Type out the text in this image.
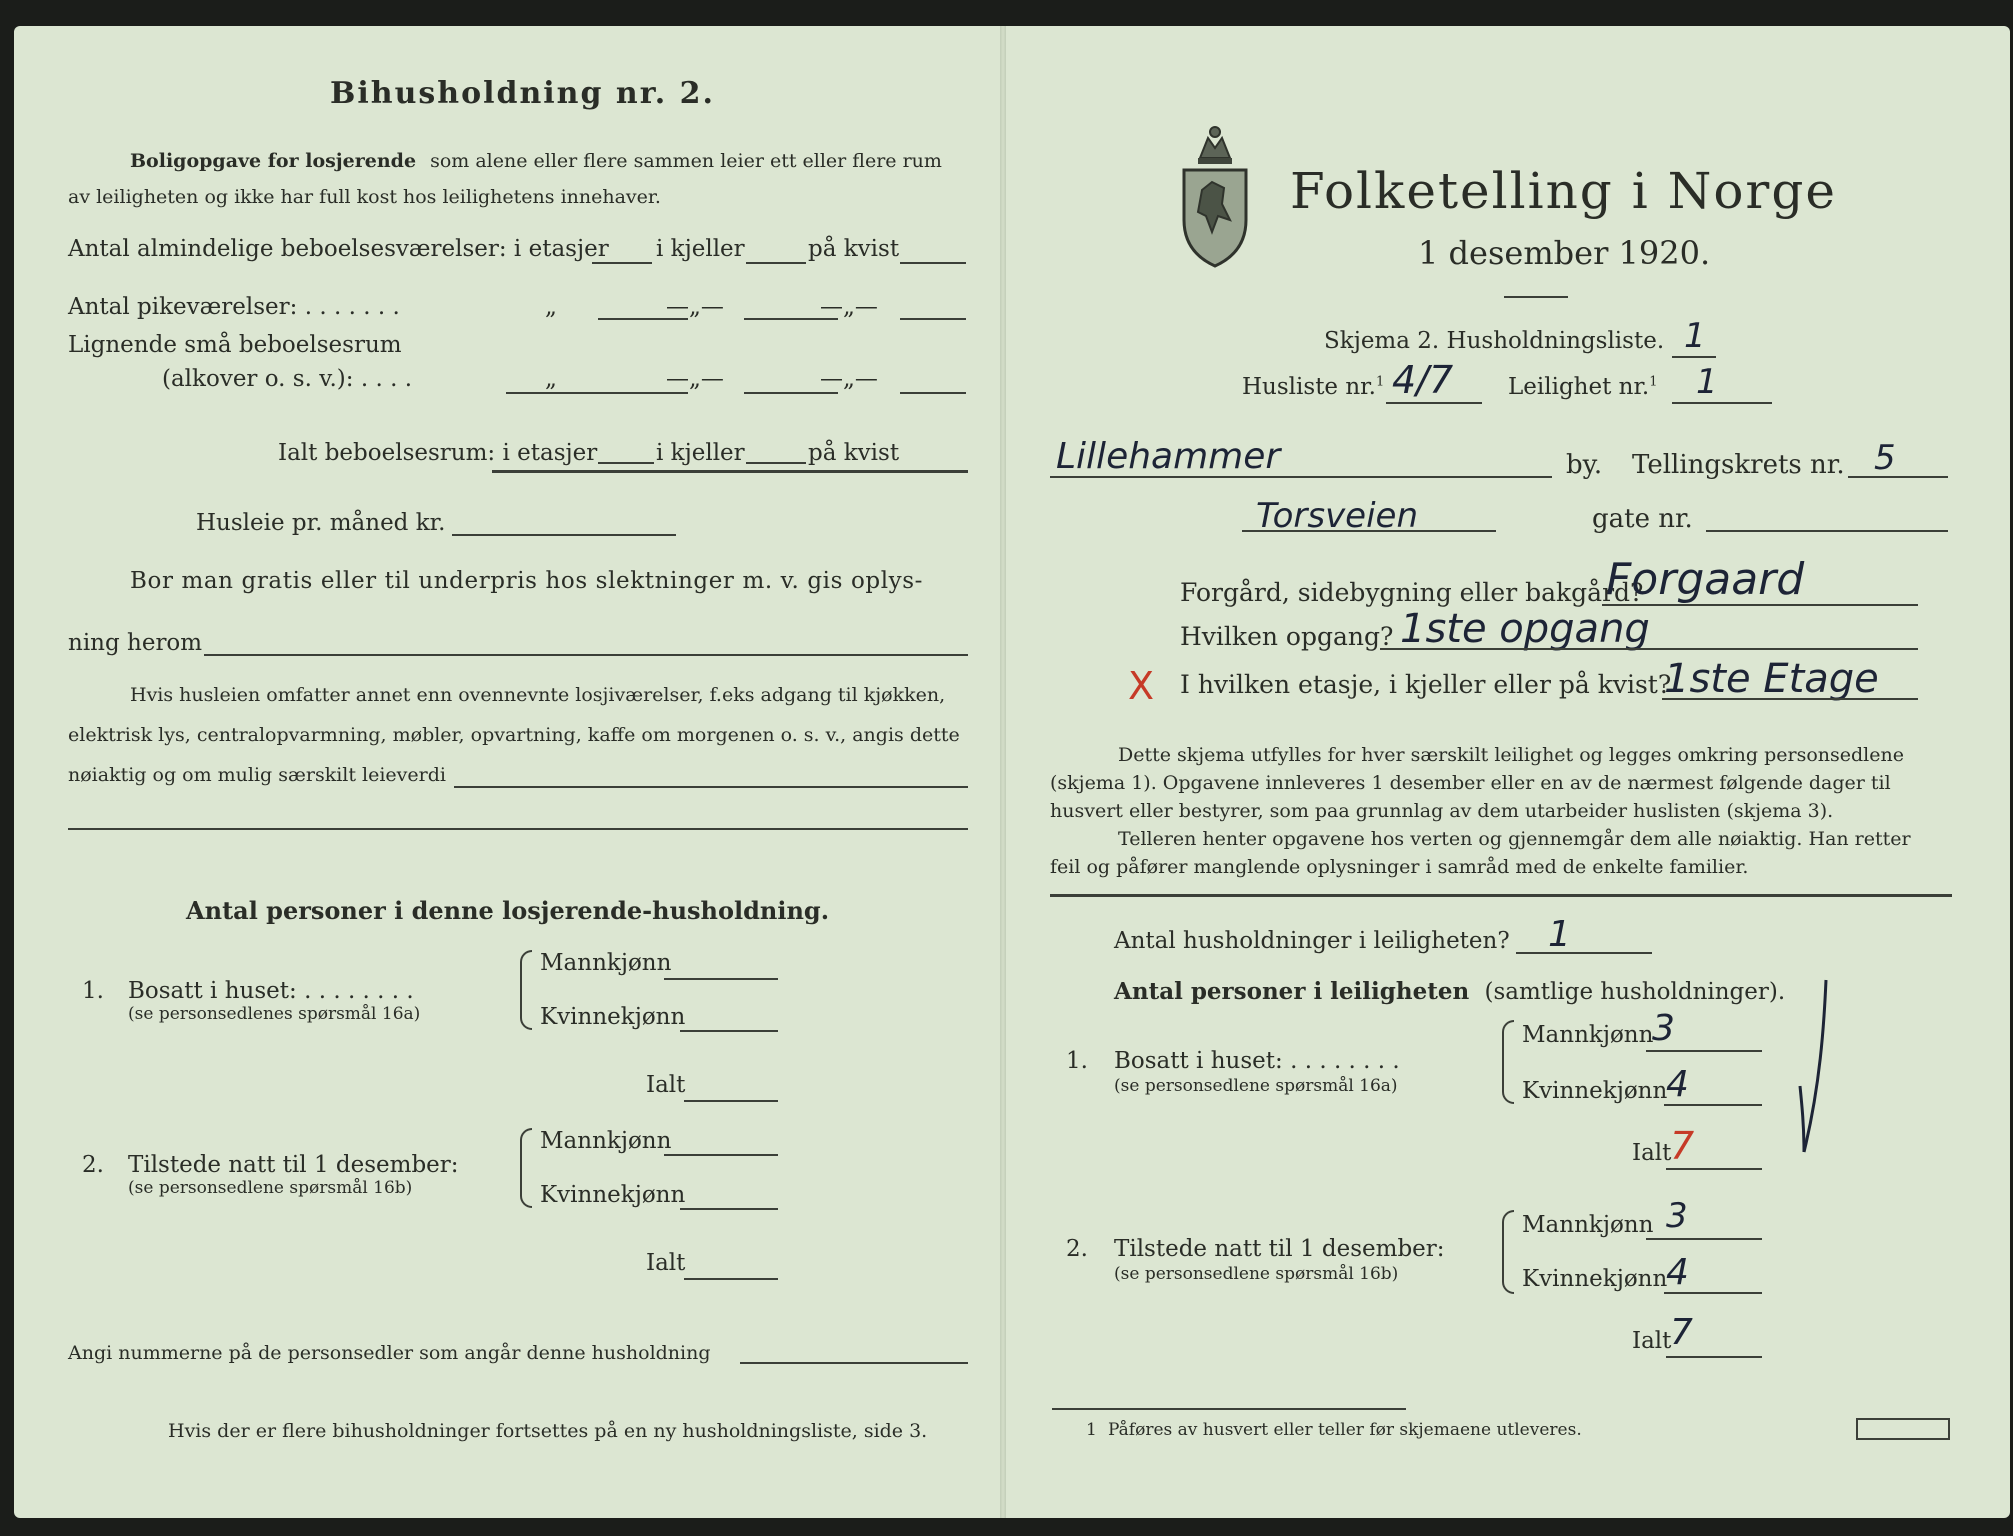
Bihusholdning nr. 2.
Boligopgave for losjerende som alene eller flere sammen leier ett eller flere rum
av leiligheten og ikke har full kost hos leilighetens innehaver.
Antal almindelige beboelsesværelser: i etasjer i kjeller	på kvist
Antal pikeværelser: . . . . . . .	„	—„—	—„—
Lignende små beboelsesrum
(alkover o. s. v.): . . . .	„	—„—	—„—
Ialt beboelsesrum: i etasjer	i kjeller	på kvist
Husleie pr. måned kr.
Bor man gratis eller til underpris hos slektninger m. v. gis oplys-
ning herom
Hvis husleien omfatter annet enn ovennevnte losjiværelser, f.eks adgang til kjøkken,
elektrisk lys, centralopvarmning, møbler, opvartning, kaffe om morgenen o. s. v., angis dette
nøiaktig og om mulig særskilt leieverdi
Antal personer i denne losjerende-husholdning.
1. Bosatt i huset: . . . . . . . .
(se personsedlenes spørsmål 16a)
Mannkjønn
Kvinnekjønn
Ialt
2. Tilstede natt til 1 desember:
(se personsedlene spørsmål 16b)
Mannkjønn
Kvinnekjønn
Ialt
Angi nummerne på de personsedler som angår denne husholdning
Hvis der er flere bihusholdninger fortsettes på en ny husholdningsliste, side 3.
Folketelling i Norge
1 desember 1920.
Skjema 2. Husholdningsliste. 1
Husliste nr.$^1$ 4/7 Leilighet nr.$^1$ 1
Lillehammer	by. Tellingskrets nr. 5
Torsveien	gate nr.
Forgård, sidebygning eller bakgård?
Forgaard
Hvilken opgang? 1ste opgang
X I hvilken etasje, i kjeller eller på kvist?
1ste Etage
Dette skjema utfylles for hver særskilt leilighet og legges omkring personsedlene
(skjema 1). Opgavene innleveres 1 desember eller en av de nærmest følgende dager til
husvert eller bestyrer, som paa grunnlag av dem utarbeider huslisten (skjema 3).
Telleren henter opgavene hos verten og gjennemgår dem alle nøiaktig. Han retter
feil og påfører manglende oplysninger i samråd med de enkelte familier.
Antal husholdninger i leiligheten? 1
Antal personer i leiligheten (samtlige husholdninger).
1. Bosatt i huset: . . . . . . . .
(se personsedlene spørsmål 16a)
Mannkjønn
3
Kvinnekjønn
4
Ialt
7
2. Tilstede natt til 1 desember:
(se personsedlene spørsmål 16b)
Mannkjønn 3
Kvinnekjønn
4
Ialt
7
1 Påføres av husvert eller teller før skjemaene utleveres.
